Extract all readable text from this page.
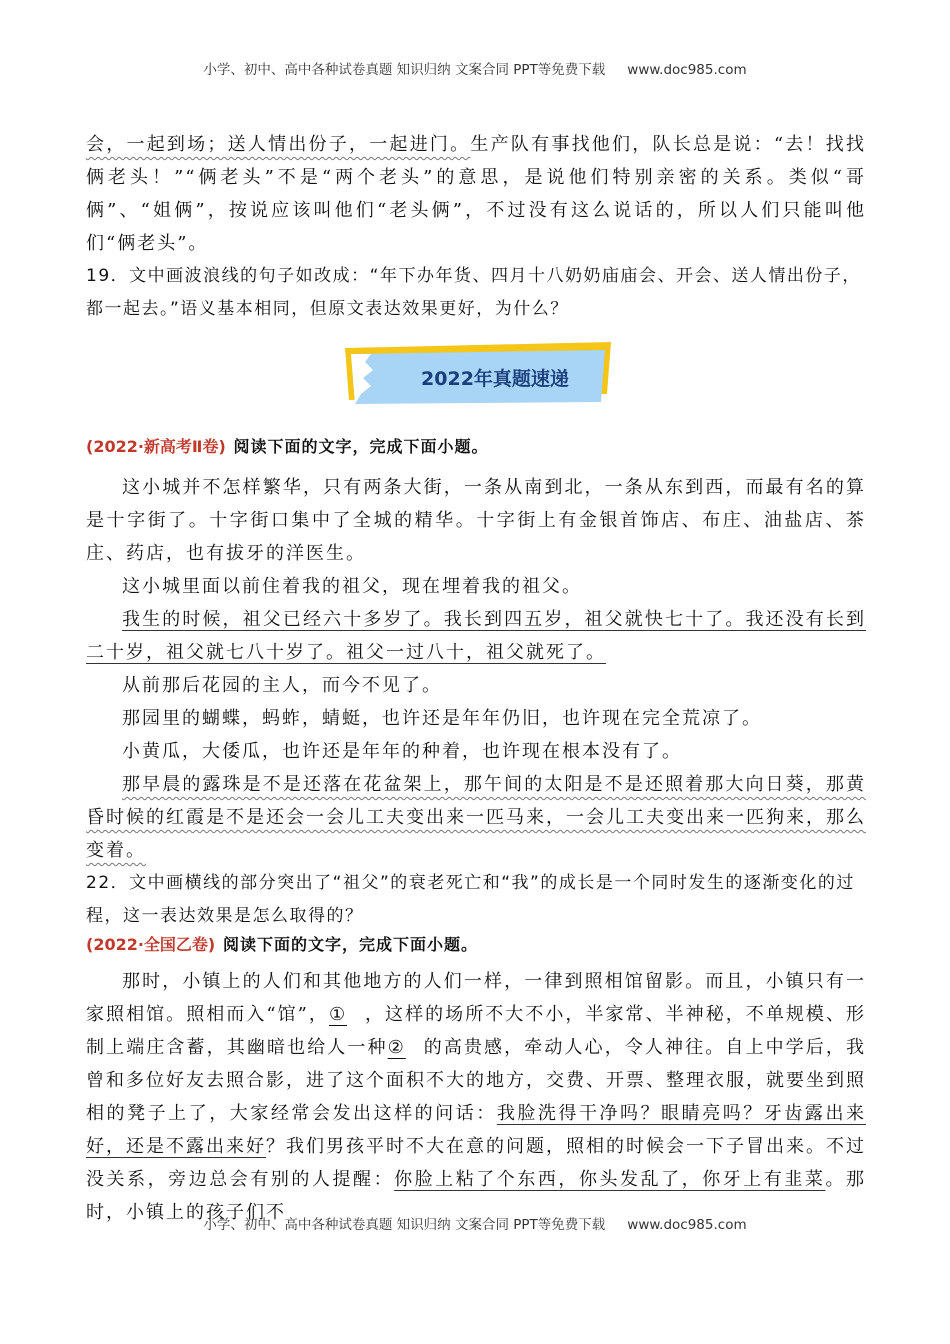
小学、初中、高中各种试卷真题 知识归纳 文案合同 PPT等免费下载 www.doc985.com

会，一起到场；送人情出份子，一起进门。生产队有事找他们，队长总是说：“去！找找俩老头！”“俩老头”不是“两个老头”的意思，是说他们特别亲密的关系。类似“哥俩”、“姐俩”，按说应该叫他们“老头俩”，不过没有这么说话的，所以人们只能叫他们“俩老头”。

19．文中画波浪线的句子如改成：“年下办年货、四月十八奶奶庙庙会、开会、送人情出份子，都一起去。”语义基本相同，但原文表达效果更好，为什么？

2022年真题速递

(2022·新高考Ⅱ卷) 阅读下面的文字，完成下面小题。

这小城并不怎样繁华，只有两条大街，一条从南到北，一条从东到西，而最有名的算是十字街了。十字街口集中了全城的精华。十字街上有金银首饰店、布庄、油盐店、茶庄、药店，也有拔牙的洋医生。

这小城里面以前住着我的祖父，现在埋着我的祖父。

我生的时候，祖父已经六十多岁了。我长到四五岁，祖父就快七十了。我还没有长到二十岁，祖父就七八十岁了。祖父一过八十，祖父就死了。

从前那后花园的主人，而今不见了。

那园里的蝴蝶，蚂蚱，蜻蜓，也许还是年年仍旧，也许现在完全荒凉了。

小黄瓜，大倭瓜，也许还是年年的种着，也许现在根本没有了。

那早晨的露珠是不是还落在花盆架上，那午间的太阳是不是还照着那大向日葵，那黄昏时候的红霞是不是还会一会儿工夫变出来一匹马来，一会儿工夫变出来一匹狗来，那么变着。

22．文中画横线的部分突出了“祖父”的衰老死亡和“我”的成长是一个同时发生的逐渐变化的过程，这一表达效果是怎么取得的？

(2022·全国乙卷) 阅读下面的文字，完成下面小题。

那时，小镇上的人们和其他地方的人们一样，一律到照相馆留影。而且，小镇只有一家照相馆。照相而入“馆”，① ，这样的场所不大不小，半家常、半神秘，不单规模、形制上端庄含蓄，其幽暗也给人一种② 的高贵感，牵动人心，令人神往。自上中学后，我曾和多位好友去照合影，进了这个面积不大的地方，交费、开票、整理衣服，就要坐到照相的凳子上了，大家经常会发出这样的问话：我脸洗得干净吗？眼睛亮吗？牙齿露出来好，还是不露出来好？我们男孩平时不大在意的问题，照相的时候会一下子冒出来。不过没关系，旁边总会有别的人提醒：你脸上粘了个东西，你头发乱了，你牙上有韭菜。那时，小镇上的孩子们不

小学、初中、高中各种试卷真题 知识归纳 文案合同 PPT等免费下载 www.doc985.com
